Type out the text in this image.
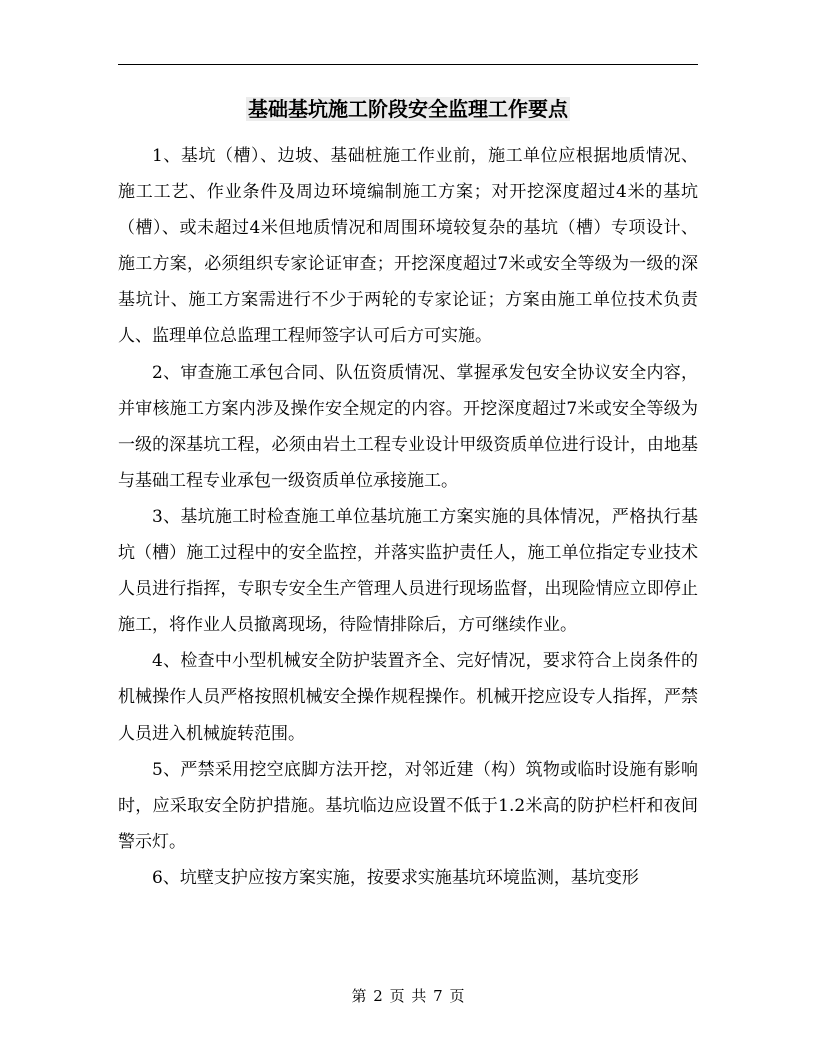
基础基坑施工阶段安全监理工作要点

1、基坑（槽）、边坡、基础桩施工作业前，施工单位应根据地质情况、施工工艺、作业条件及周边环境编制施工方案；对开挖深度超过4米的基坑（槽）、或未超过4米但地质情况和周围环境较复杂的基坑（槽）专项设计、施工方案，必须组织专家论证审查；开挖深度超过7米或安全等级为一级的深基坑计、施工方案需进行不少于两轮的专家论证；方案由施工单位技术负责人、监理单位总监理工程师签字认可后方可实施。

2、审查施工承包合同、队伍资质情况、掌握承发包安全协议安全内容，并审核施工方案内涉及操作安全规定的内容。开挖深度超过7米或安全等级为一级的深基坑工程，必须由岩土工程专业设计甲级资质单位进行设计，由地基与基础工程专业承包一级资质单位承接施工。

3、基坑施工时检查施工单位基坑施工方案实施的具体情况，严格执行基坑（槽）施工过程中的安全监控，并落实监护责任人，施工单位指定专业技术人员进行指挥，专职专安全生产管理人员进行现场监督，出现险情应立即停止施工，将作业人员撤离现场，待险情排除后，方可继续作业。

4、检查中小型机械安全防护装置齐全、完好情况，要求符合上岗条件的机械操作人员严格按照机械安全操作规程操作。机械开挖应设专人指挥，严禁人员进入机械旋转范围。

5、严禁采用挖空底脚方法开挖，对邻近建（构）筑物或临时设施有影响时，应采取安全防护措施。基坑临边应设置不低于1.2米高的防护栏杆和夜间警示灯。

6、坑壁支护应按方案实施，按要求实施基坑环境监测，基坑变形

第 2 页 共 7 页
